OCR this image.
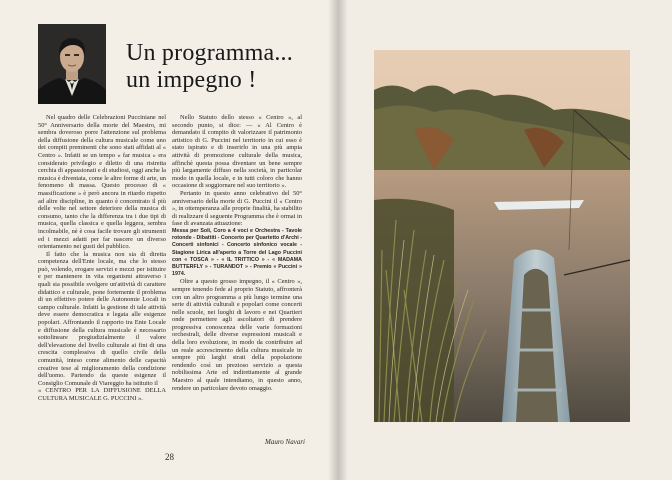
Un programma...
un impegno !

Nel quadro delle Celebrazioni Pucciniane nel 50° Anniversario della morte del Maestro, mi sembra doveroso porre l'attenzione sul problema della diffusione della cultura musicale come uno dei compiti preminenti che sono stati affidati al « Centro ». Infatti se un tempo « far musica » era considerato privilegio e diletto di una ristretta cerchia di appassionati e di studiosi, oggi anche la musica è diventata, come le altre forme di arte, un fenomeno di massa. Questo processo di « massificazione » è però ancora in ritardo rispetto ad altre discipline, in quanto è concentrato il più delle volte nel settore deteriore della musica di consumo, tanto che la differenza tra i due tipi di musica, quella classica e quella leggera, sembra incolmabile, nè è cosa facile trovare gli strumenti ed i mezzi adatti per far nascere un diverso orientamento nei gusti del pubblico.

Il fatto che la musica non sia di diretta competenza dell'Ente locale, ma che lo stesso può, volendo, erogare servizi e mezzi per istituire e per mantenere in vita organismi attraverso i quali sia possibile svolgere un'attività di carattere didattico e culturale, pone fortemente il problema di un effettivo potere delle Autonomie Locali in campo culturale. Infatti la gestione di tale attività deve essere democratica e legata alle esigenze popolari. Affrontando il rapporto tra Ente Locale e diffusione della cultura musicale è necessario sottolineare pregiudizialmente il valore dell'elevazione del livello culturale ai fini di una crescita complessiva di quello civile della comunità, inteso come alimento delle capacità creative tese al miglioramento della condizione dell'uomo. Partendo da queste esigenze il Consiglio Comunale di Viareggio ha istituito il

« CENTRO PER LA DIFFUSIONE DELLA CULTURA MUSICALE G. PUCCINI ».

Nello Statuto dello stesso « Centro », al secondo punto, si dice: — « Al Centro è demandato il compito di valorizzare il patrimonio artistico di G. Puccini nel territorio in cui esso è stato ispirato e di inserirlo in una più ampia attività di promozione culturale della musica, affinchè questa possa diventare un bene sempre più largamente diffuso nella società, in particolar modo in quella locale, e in tutti coloro che hanno occasione di soggiornare nel suo territorio ».

Pertanto in questo anno celebrativo del 50° anniversario della morte di G. Puccini il « Centro », in ottemperanza alle proprie finalità, ha stabilito di realizzare il seguente Programma che è ormai in fase di avanzata attuazione:

Messa per Soli, Coro a 4 voci e Orchestra - Tavole rotonde - Dibattiti - Concerto per Quartetto d'Archi - Concerti sinfonici - Concerto sinfonico vocale - Stagione Lirica all'aperto a Torre del Lago Puccini con « TOSCA » - « IL TRITTICO » - « MADAMA BUTTERFLY » - TURANDOT » - Premio « Puccini » 1974.

Oltre a questo grosso impegno, il « Centro », sempre tenendo fede al proprio Statuto, affronterà con un altro programma a più lungo termine una serie di attività culturali e popolari come concerti nelle scuole, nei luoghi di lavoro e nei Quartieri onde permettere agli ascoltatori di prendere progressiva conoscenza delle varie formazioni orchestrali, delle diverse espressioni musicali e della loro evoluzione, in modo da contribuire ad un reale accrescimento della cultura musicale in sempre più larghi strati della popolazione rendendo così un prezioso servizio a questa nobilissima Arte ed indirettamente al grande Maestro al quale intendiamo, in questo anno, rendere un particolare devoto omaggio.

Mauro Navari
28
